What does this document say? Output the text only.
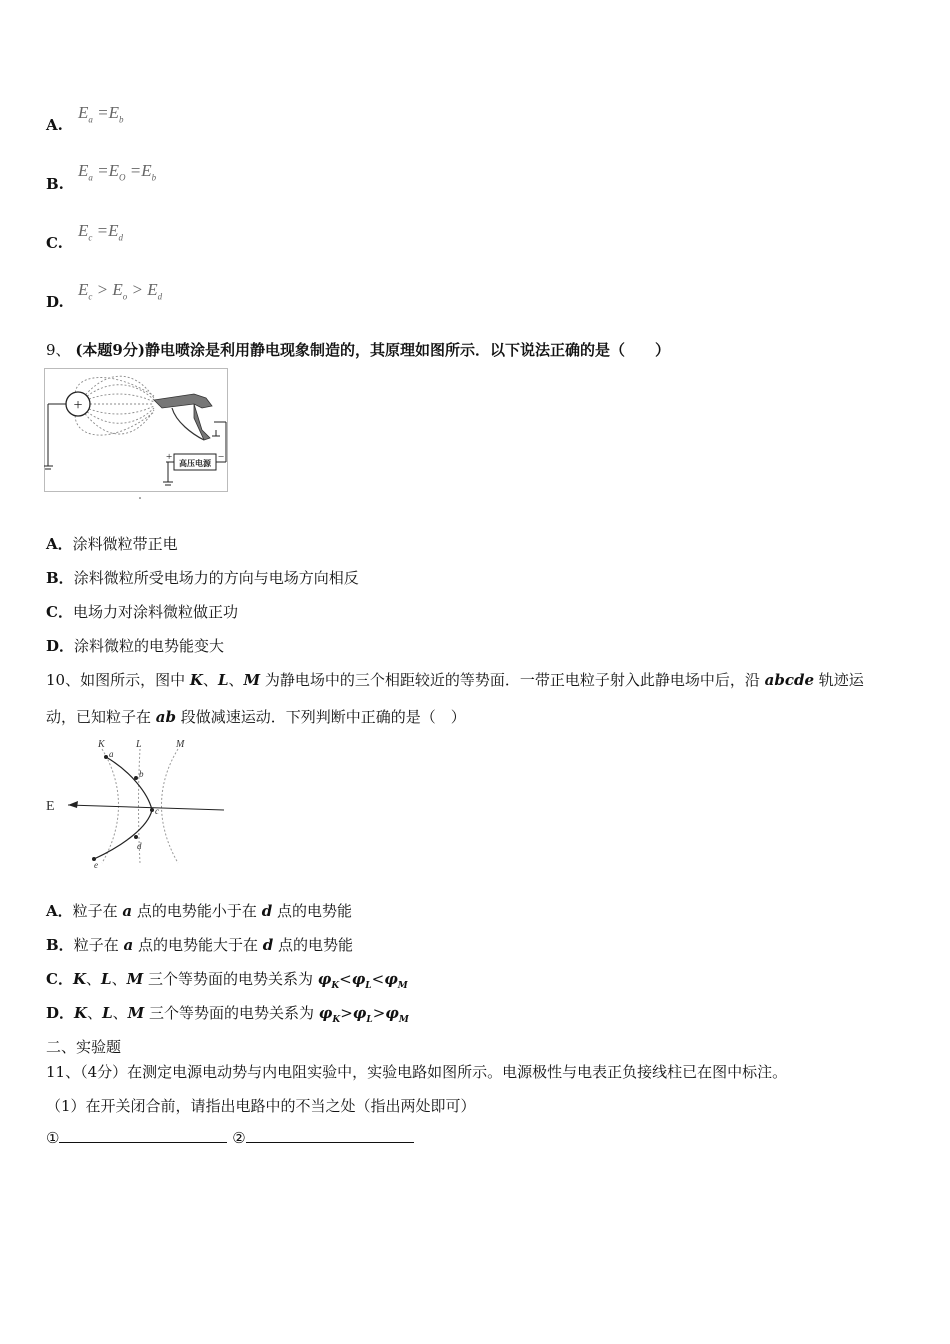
A.
$E_a =E_b$
B.
$E_a =E_O =E_b$
C.
$E_c =E_d$
D.
$E_c > E_o > E_d$
9、 (本题9分)静电喷涂是利用静电现象制造的，其原理如图所示．以下说法正确的是（　　）
+
高压电源
+	−
A．涂料微粒带正电
B．涂料微粒所受电场力的方向与电场方向相反
C．电场力对涂料微粒做正功
D．涂料微粒的电势能变大
10、如图所示，图中 K、L、M 为静电场中的三个相距较近的等势面．一带正电粒子射入此静电场中后，沿 abcde 轨迹运
动，已知粒子在 ab 段做减速运动．下列判断中正确的是（　）
K	L	M
E
a
b
c
d
e
A．粒子在 a 点的电势能小于在 d 点的电势能
B．粒子在 a 点的电势能大于在 d 点的电势能
C．K、L、M 三个等势面的电势关系为 $\varphi_K<\varphi_L<\varphi_M$
D．K、L、M 三个等势面的电势关系为 $\varphi_K>\varphi_L>\varphi_M$
二、实验题
11、（4分）在测定电源电动势与内电阻实验中，实验电路如图所示。电源极性与电表正负接线柱已在图中标注。
（1）在开关闭合前，请指出电路中的不当之处（指出两处即可）
①	②
